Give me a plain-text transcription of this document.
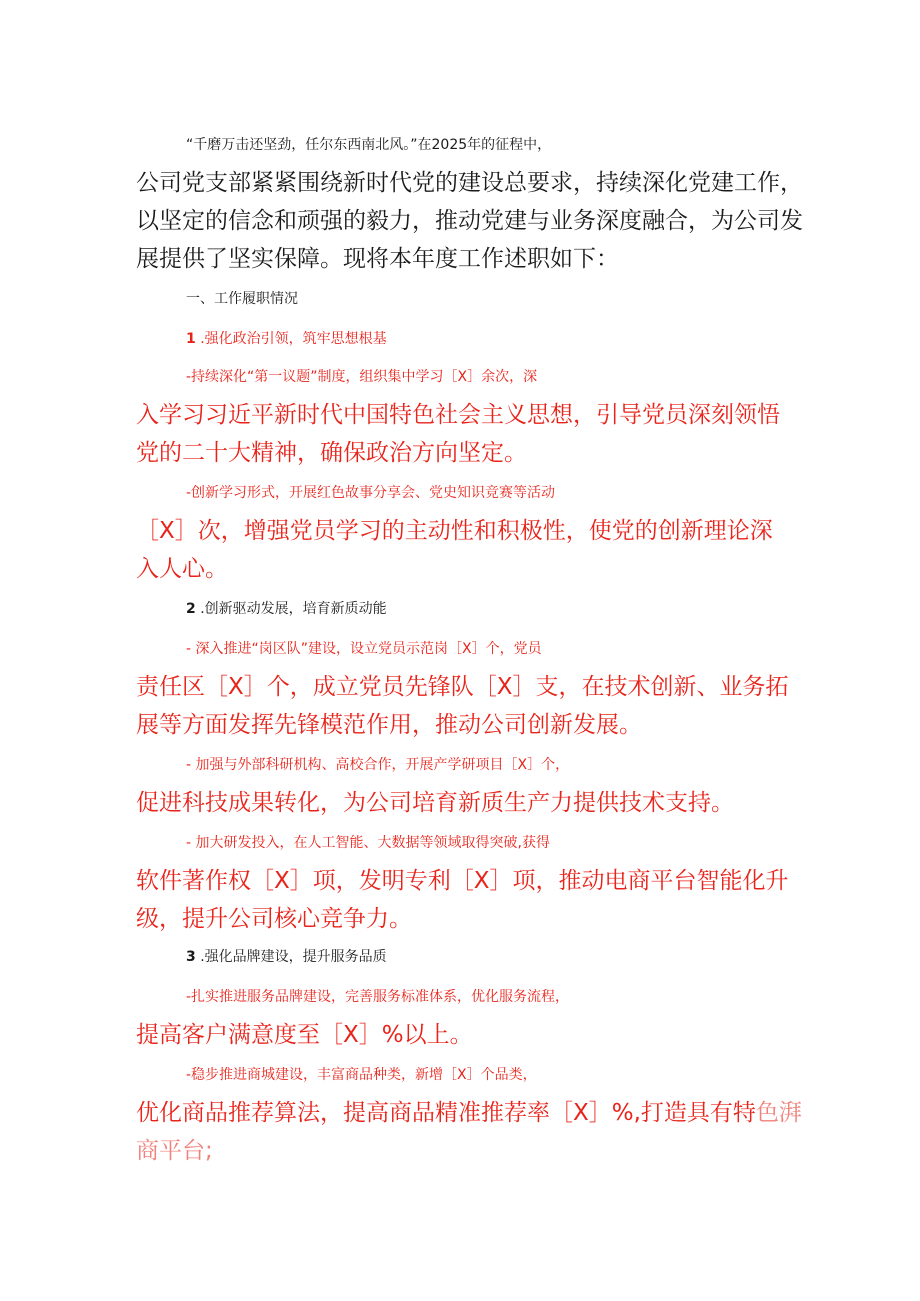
“千磨万击还坚劲，任尔东西南北风。”在2025年的征程中，
公司党支部紧紧围绕新时代党的建设总要求，持续深化党建工作，
以坚定的信念和顽强的毅力，推动党建与业务深度融合，为公司发
展提供了坚实保障。现将本年度工作述职如下：
一、工作履职情况
1 .强化政治引领，筑牢思想根基
-持续深化“第一议题”制度，组织集中学习［X］余次，深
入学习习近平新时代中国特色社会主义思想，引导党员深刻领悟
党的二十大精神，确保政治方向坚定。
-创新学习形式，开展红色故事分享会、党史知识竞赛等活动
［X］次，增强党员学习的主动性和积极性，使党的创新理论深
入人心。
2 .创新驱动发展，培育新质动能
- 深入推进“岗区队”建设，设立党员示范岗［X］个，党员
责任区［X］个，成立党员先锋队［X］支，在技术创新、业务拓
展等方面发挥先锋模范作用，推动公司创新发展。
- 加强与外部科研机构、高校合作，开展产学研项目［X］个，
促进科技成果转化，为公司培育新质生产力提供技术支持。
- 加大研发投入，在人工智能、大数据等领域取得突破,获得
软件著作权［X］项，发明专利［X］项，推动电商平台智能化升
级，提升公司核心竞争力。
3 .强化品牌建设，提升服务品质
-扎实推进服务品牌建设，完善服务标准体系，优化服务流程，
提高客户满意度至［X］%以上。
-稳步推进商城建设，丰富商品种类，新增［X］个品类，
优化商品推荐算法，提高商品精准推荐率［X］%,打造具有特色湃
商平台;
